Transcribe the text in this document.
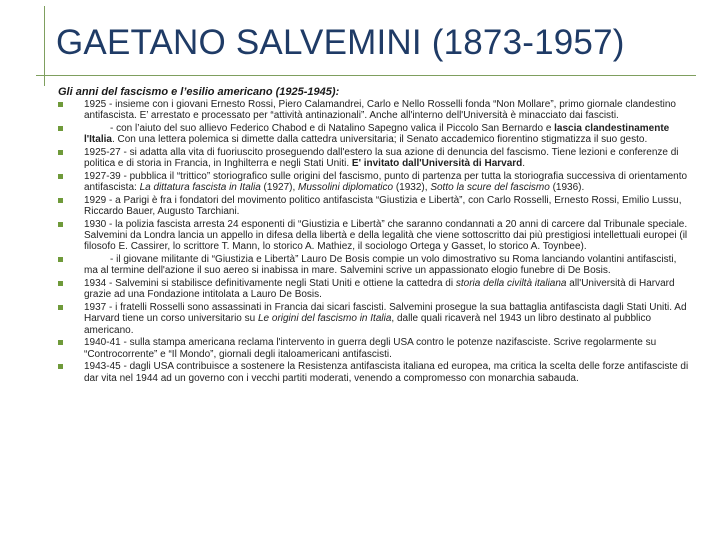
GAETANO SALVEMINI (1873-1957)

Gli anni del fascismo e l’esilio americano (1925-1945):

1925 - insieme con i giovani Ernesto Rossi, Piero Calamandrei, Carlo e Nello Rosselli fonda “Non Mollare”, primo giornale clandestino antifascista. E’ arrestato e processato per “attività antinazionali”. Anche all'interno dell'Università è minacciato dai fascisti.
- con l’aiuto del suo allievo Federico Chabod e di Natalino Sapegno valica il Piccolo San Bernardo e lascia clandestinamente l'Italia. Con una lettera polemica si dimette dalla cattedra universitaria; il Senato accademico fiorentino stigmatizza il suo gesto.
1925-27 - si adatta alla vita di fuoriuscito proseguendo dall'estero la sua azione di denuncia del fascismo. Tiene lezioni e conferenze di politica e di storia in Francia, in Inghilterra e negli Stati Uniti. E' invitato dall'Università di Harvard.
1927-39 - pubblica il “trittico” storiografico sulle origini del fascismo, punto di partenza per tutta la storiografia successiva di orientamento antifascista: La dittatura fascista in Italia (1927), Mussolini diplomatico (1932), Sotto la scure del fascismo (1936).
1929 - a Parigi è fra i fondatori del movimento politico antifascista “Giustizia e Libertà”, con Carlo Rosselli, Ernesto Rossi, Emilio Lussu, Riccardo Bauer, Augusto Tarchiani.
1930 - la polizia fascista arresta 24 esponenti di “Giustizia e Libertà” che saranno condannati a 20 anni di carcere dal Tribunale speciale. Salvemini da Londra lancia un appello in difesa della libertà e della legalità che viene sottoscritto dai più prestigiosi intellettuali europei (il filosofo E. Cassirer, lo scrittore T. Mann, lo storico A. Mathiez, il sociologo Ortega y Gasset, lo storico A. Toynbee).
- il giovane militante di “Giustizia e Libertà” Lauro De Bosis compie un volo dimostrativo su Roma lanciando volantini antifascisti, ma al termine dell'azione il suo aereo si inabissa in mare. Salvemini scrive un appassionato elogio funebre di De Bosis.
1934 - Salvemini si stabilisce definitivamente negli Stati Uniti e ottiene la cattedra di storia della civiltà italiana all'Università di Harvard grazie ad una Fondazione intitolata a Lauro De Bosis.
1937 - i fratelli Rosselli sono assassinati in Francia dai sicari fascisti. Salvemini prosegue la sua battaglia antifascista dagli Stati Uniti. Ad Harvard tiene un corso universitario su Le origini del fascismo in Italia, dalle quali ricaverà nel 1943 un libro destinato al pubblico americano.
1940-41 - sulla stampa americana reclama l'intervento in guerra degli USA contro le potenze nazifasciste. Scrive regolarmente su “Controcorrente” e “Il Mondo”, giornali degli italoamericani antifascisti.
1943-45 - dagli USA contribuisce a sostenere la Resistenza antifascista italiana ed europea, ma critica la scelta delle forze antifasciste di dar vita nel 1944 ad un governo con i vecchi partiti moderati, venendo a compromesso con monarchia sabauda.
